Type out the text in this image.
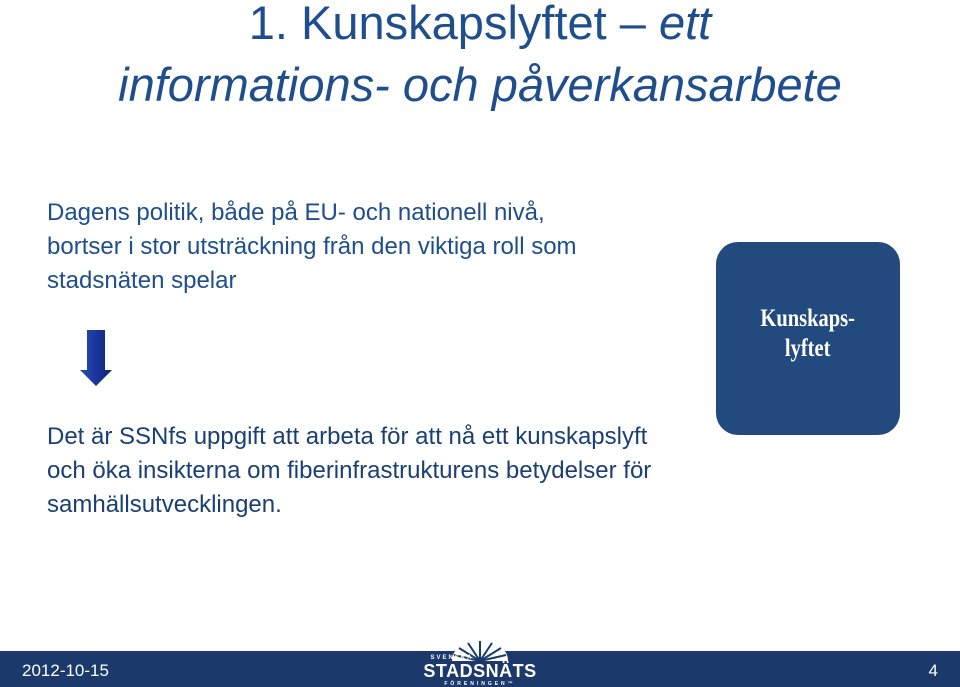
1. Kunskapslyftet – ett
informations- och påverkansarbete
Dagens politik, både på EU- och nationell nivå, bortser i stor utsträckning från den viktiga roll som stadsnäten spelar
Det är SSNfs uppgift att arbeta för att nå ett kunskapslyft och öka insikterna om fiberinfrastrukturens betydelser för samhällsutvecklingen.
Kunskaps-
lyftet
2012-10-15	4
SVENSKA
STADSNÄTS
FÖRENINGEN™
